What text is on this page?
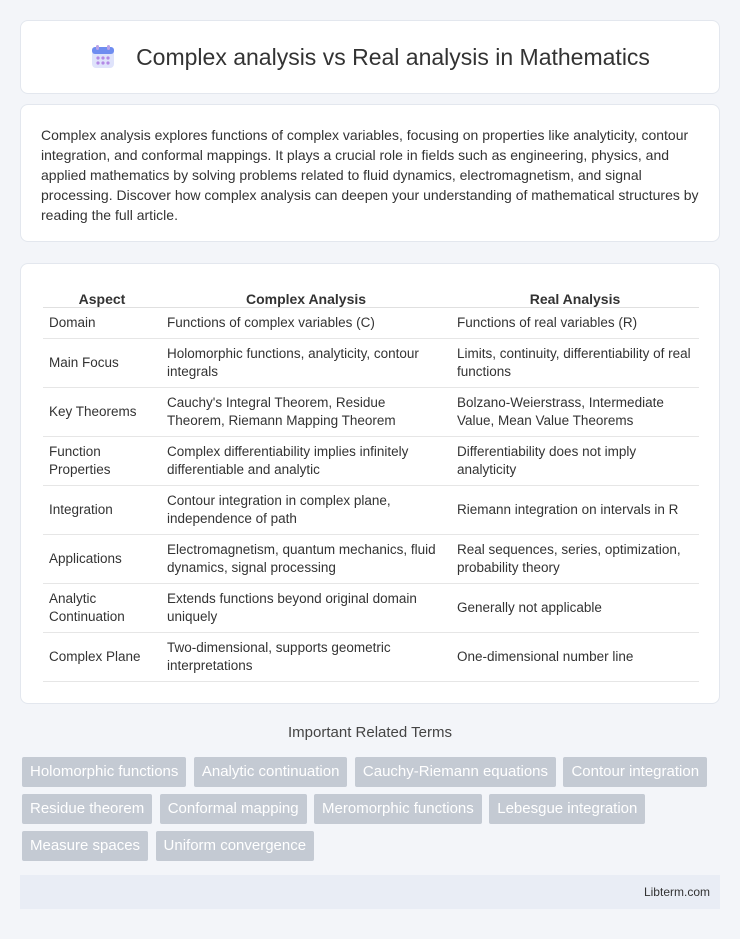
Complex analysis vs Real analysis in Mathematics

Complex analysis explores functions of complex variables, focusing on properties like analyticity, contour integration, and conformal mappings. It plays a crucial role in fields such as engineering, physics, and applied mathematics by solving problems related to fluid dynamics, electromagnetism, and signal processing. Discover how complex analysis can deepen your understanding of mathematical structures by reading the full article.

Aspect	Complex Analysis	Real Analysis
Domain	Functions of complex variables (C)	Functions of real variables (R)
Main Focus	Holomorphic functions, analyticity, contour integrals	Limits, continuity, differentiability of real functions
Key Theorems	Cauchy's Integral Theorem, Residue Theorem, Riemann Mapping Theorem	Bolzano-Weierstrass, Intermediate Value, Mean Value Theorems
Function Properties	Complex differentiability implies infinitely differentiable and analytic	Differentiability does not imply analyticity
Integration	Contour integration in complex plane, independence of path	Riemann integration on intervals in R
Applications	Electromagnetism, quantum mechanics, fluid dynamics, signal processing	Real sequences, series, optimization, probability theory
Analytic Continuation	Extends functions beyond original domain uniquely	Generally not applicable
Complex Plane	Two-dimensional, supports geometric interpretations	One-dimensional number line
Important Related Terms
Holomorphic functions Analytic continuation Cauchy-Riemann equations Contour integration Residue theorem Conformal mapping Meromorphic functions Lebesgue integration Measure spaces Uniform convergence
Libterm.com
